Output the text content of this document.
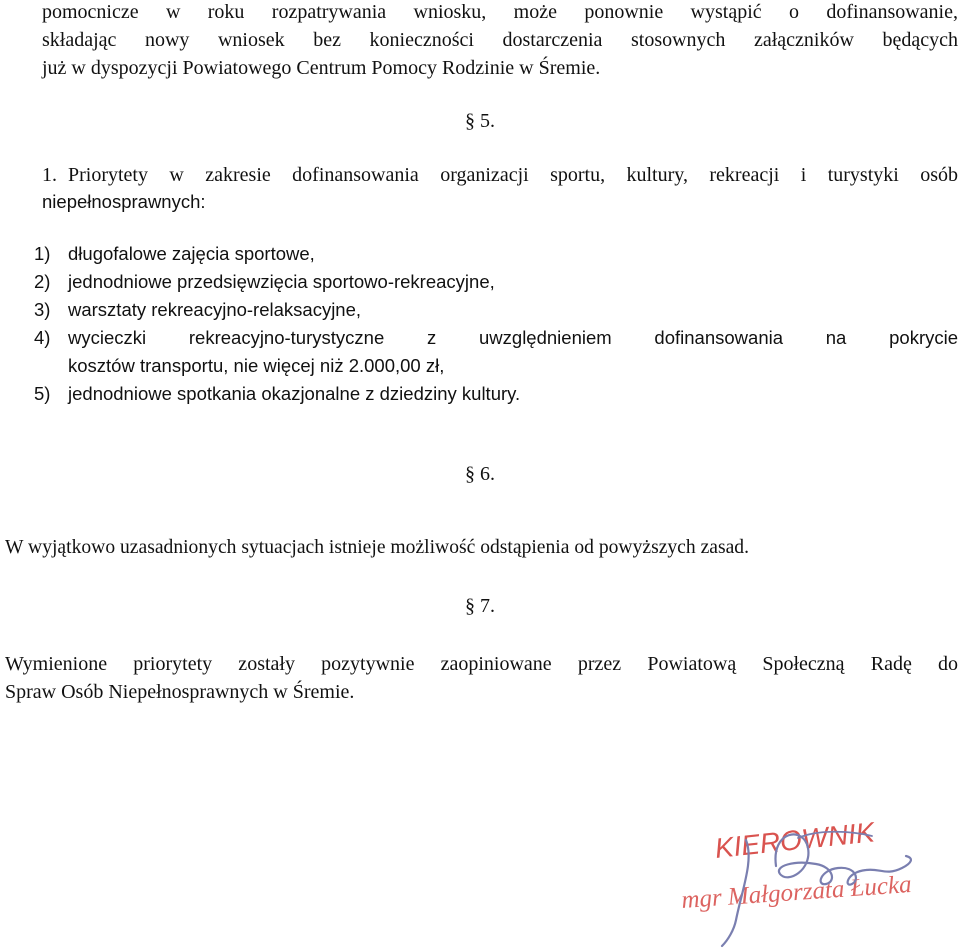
pomocnicze w roku rozpatrywania wniosku, może ponownie wystąpić o dofinansowanie,
składając nowy wniosek bez konieczności dostarczenia stosownych załączników będących
już w dyspozycji Powiatowego Centrum Pomocy Rodzinie w Śremie.
§ 5.
1. Priorytety w zakresie dofinansowania organizacji sportu, kultury, rekreacji i turystyki osób
niepełnosprawnych:
1) długofalowe zajęcia sportowe,
2) jednodniowe przedsięwzięcia sportowo-rekreacyjne,
3) warsztaty rekreacyjno-relaksacyjne,
4) wycieczki rekreacyjno-turystyczne z uwzględnieniem dofinansowania na pokrycie
kosztów transportu, nie więcej niż 2.000,00 zł,
5) jednodniowe spotkania okazjonalne z dziedziny kultury.
§ 6.
W wyjątkowo uzasadnionych sytuacjach istnieje możliwość odstąpienia od powyższych zasad.
§ 7.
Wymienione priorytety zostały pozytywnie zaopiniowane przez Powiatową Społeczną Radę do
Spraw Osób Niepełnosprawnych w Śremie.
KIEROWNIK
mgr Małgorzata Łucka
